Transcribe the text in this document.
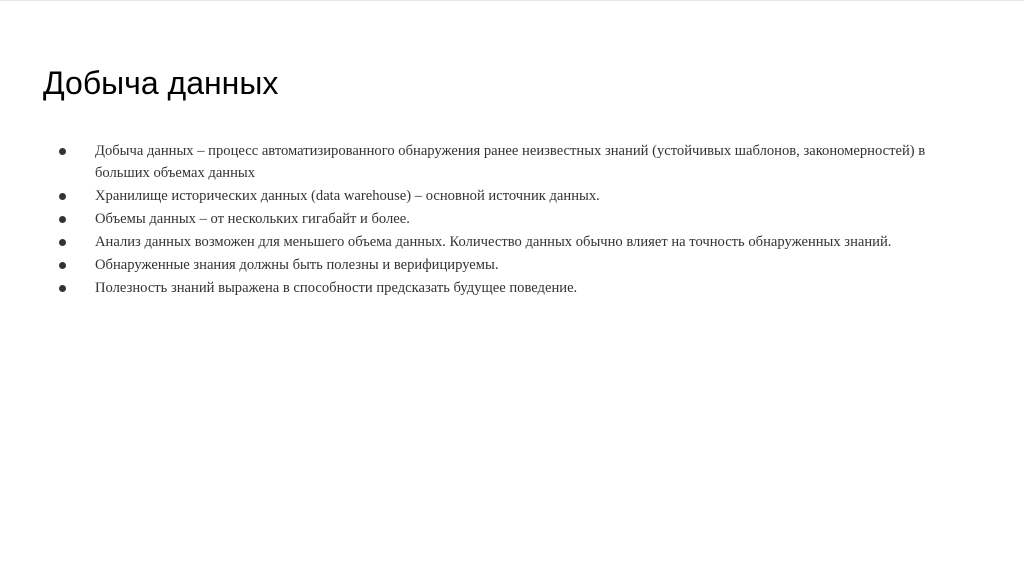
Добыча данных
Добыча данных – процесс автоматизированного обнаружения ранее неизвестных знаний (устойчивых шаблонов, закономерностей) в больших объемах данных
Хранилище исторических данных (data warehouse) – основной источник данных.
Объемы данных – от нескольких гигабайт и более.
Анализ данных возможен для меньшего объема данных. Количество данных обычно влияет на точность обнаруженных знаний.
Обнаруженные знания должны быть полезны и верифицируемы.
Полезность знаний выражена в способности предсказать будущее поведение.
